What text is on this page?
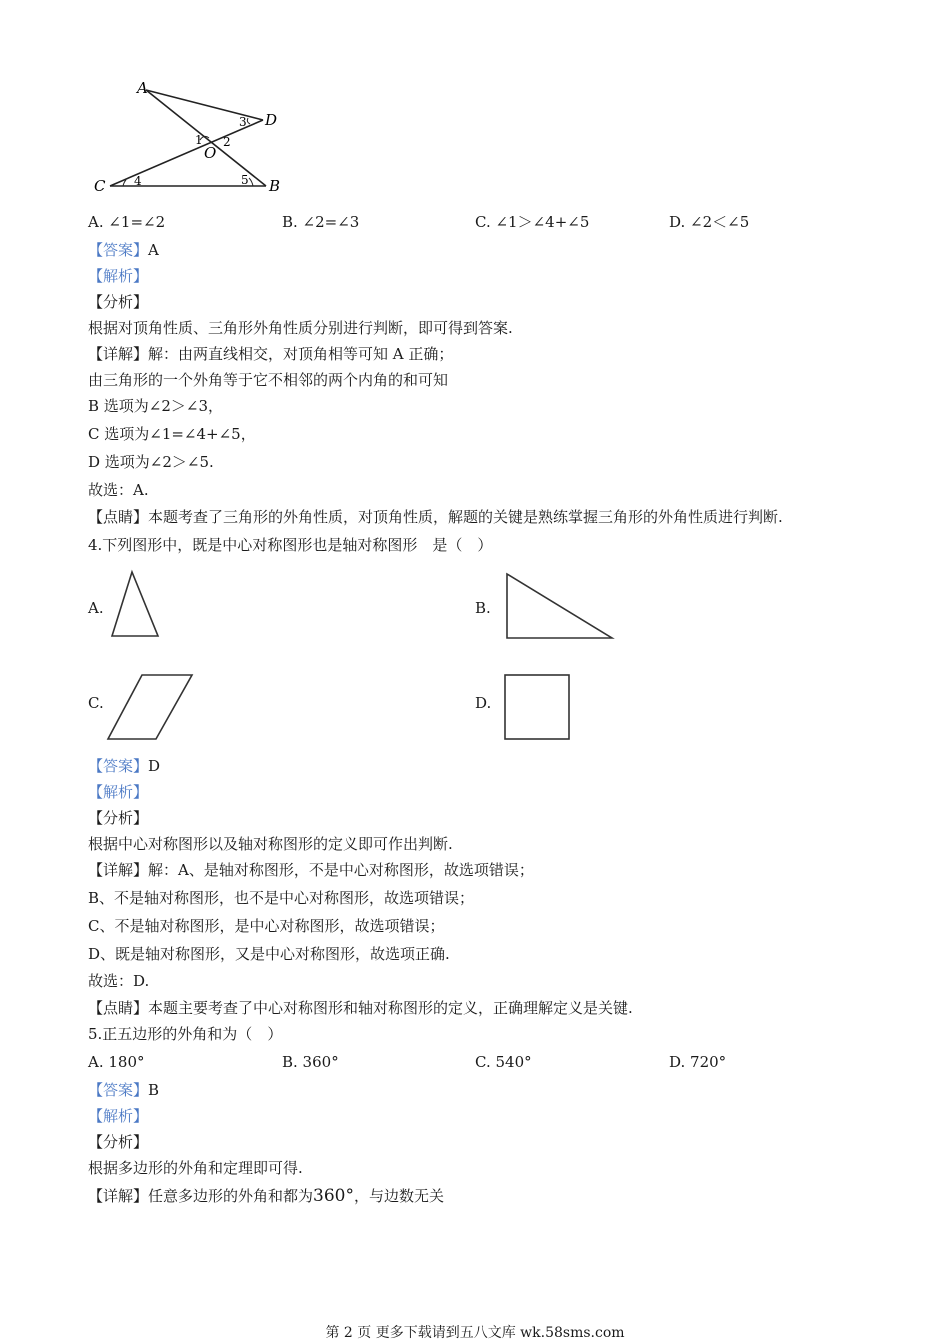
A
D
C	B
O
1 2
3
4	5
A. ∠1=∠2	B. ∠2=∠3	C. ∠1＞∠4+∠5	D. ∠2＜∠5
【答案】A
【解析】
【分析】
根据对顶角性质、三角形外角性质分别进行判断，即可得到答案.
【详解】解：由两直线相交，对顶角相等可知 A 正确；
由三角形的一个外角等于它不相邻的两个内角的和可知
B 选项为∠2＞∠3，
C 选项为∠1=∠4+∠5，
D 选项为∠2＞∠5.
故选：A.
【点睛】本题考查了三角形的外角性质，对顶角性质，解题的关键是熟练掌握三角形的外角性质进行判断.
4.下列图形中，既是中心对称图形也是轴对称图形　是（　）
A.	B.
C.	D.
【答案】D
【解析】
【分析】
根据中心对称图形以及轴对称图形的定义即可作出判断.
【详解】解：A、是轴对称图形，不是中心对称图形，故选项错误；
B、不是轴对称图形，也不是中心对称图形，故选项错误；
C、不是轴对称图形，是中心对称图形，故选项错误；
D、既是轴对称图形，又是中心对称图形，故选项正确.
故选：D.
【点睛】本题主要考查了中心对称图形和轴对称图形的定义，正确理解定义是关键.
5.正五边形的外角和为（　）
A. 180°	B. 360°	C. 540°	D. 720°
【答案】B
【解析】
【分析】
根据多边形的外角和定理即可得.
【详解】任意多边形的外角和都为360°，与边数无关
第 2 页 更多下载请到五八文库 wk.58sms.com
